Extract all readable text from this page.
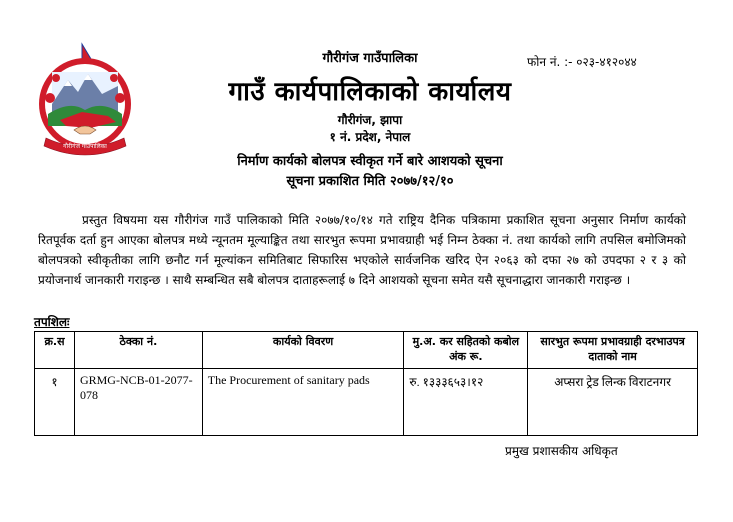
गौरीगंज गाउँपालिका
फोन नं. :- ०२३-४१२०४४
गौरीगंज गाउँपालिका
गाउँ कार्यपालिकाको कार्यालय
गौरीगंज, झापा
१ नं. प्रदेश, नेपाल
निर्माण कार्यको बोलपत्र स्वीकृत गर्ने बारे आशयको सूचना
सूचना प्रकाशित मिति २०७७/१२/१०
प्रस्तुत विषयमा यस गौरीगंज गाउँ पालिकाको मिति २०७७/१०/१४ गते राष्ट्रिय दैनिक पत्रिकामा प्रकाशित सूचना अनुसार निर्माण कार्यको रितपूर्वक दर्ता हुन आएका बोलपत्र मध्ये न्यूनतम मूल्याङ्कित तथा सारभुत रूपमा प्रभावग्राही भई निम्न ठेक्का नं. तथा कार्यको लागि तपसिल बमोजिमको बोलपत्रको स्वीकृतीका लागि छनौट गर्न मूल्यांकन समितिबाट सिफारिस भएकोले सार्वजनिक खरिद ऐन २०६३ को दफा २७ को उपदफा २ र ३ को प्रयोजनार्थ जानकारी गराइन्छ । साथै सम्बन्धित सबै बोलपत्र दाताहरूलाई ७ दिने आशयको सूचना समेत यसै सूचनाद्धारा जानकारी गराइन्छ ।
तपशिलः
क्र.स	ठेक्का नं.	कार्यको विवरण	मु.अ. कर सहितको कबोल अंक रू.	सारभुत रूपमा प्रभावग्राही दरभाउपत्र दाताको नाम
१	GRMG-NCB-01-2077-078	The Procurement of sanitary pads	रु. १३३३६५३।१२	अप्सरा ट्रेड लिन्क विराटनगर
प्रमुख प्रशासकीय अधिकृत
